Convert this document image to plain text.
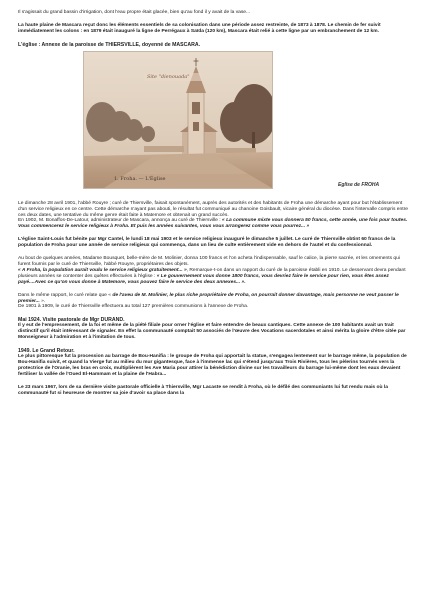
Il s'agissait du grand bassin d'irrigation, dont l'eau propre était glacée, bien qu'au fond il y avait de la vase...

La haute plaine de Mascara reçut donc les éléments essentiels de sa colonisation dans une période assez restreinte, de 1873 à 1878. Le chemin de fer suivit immédiatement les colons : en 1879 était inauguré la ligne de Perrégaux à Saïda (120 km), Mascara était relié à cette ligne par un embranchement de 12 km.

L'église : Annexe de la paroisse de THIERSVILLE, doyenné de MASCARA.

Site "dienouada"
1. Froha. — L'Église
Eglise de FROHA

Le dimanche 28 avril 1901, l'abbé Rouyre ; curé de Thiersville, faisait spontanément, auprès des autorités et des habitants de Froha une démarche ayant pour but l'établissement d'un service religieux en ce centre. Cette démarche n'ayant pas abouti, le résultat fut communiqué au chanoine Goisbault, vicaire général du diocèse. Dans l'intervalle compris entre ces deux dates, une tentative du même genre était faite à Matemore et obtenait un grand succès.

En 1902, M. Bonaffos-De-Latour, administrateur de Mascara, annonça au curé de Thiersville : « La commune mixte vous donnera 50 francs, cette année, une fois pour toutes. Vous commencerez le service religieux à Froha. Et puis les années suivantes, vous vous arrangerez comme vous pourrez... »

L'église Saint-Louis fut bénite par Mgr Cantel, le lundi 18 mai 1903 et le service religieux inauguré le dimanche 5 juillet. Le curé de Thiersville obtint 60 francs de la population de Froha pour une année de service religieux qui commença, dans un lieu de culte entièrement vide en dehors de l'autel et du confessionnal.

Au bout de quelques années, Madame Bousquet, belle-mère de M. Molinier, donna 100 francs et l'on acheta l'indispensable, sauf le calice, la pierre sacrée, et les ornements qui furent fournis par le curé de Thiersville, l'abbé Rouyre, propriétaires des objets.

« A Froha, la population aurait voulu le service religieux gratuitement... », Remarque-t-on dans un rapport du curé de la paroisse établi en 1910. Le desservant devra pendant plusieurs années se contenter des quêtes effectuées à l'église : « Le gouvernement vous donne 1800 francs, vous devriez faire le service pour rien, vous êtes assez payé....Avec ce qu'on vous donne à Matemore, vous pouvez faire le service des deux annexes... ».

Dans le même rapport, le curé relate que « de l'aveu de M. Molinier, le plus riche propriétaire de Froha, on pourrait donner davantage, mais personne ne veut passer le premier... ».

De 1901 à 1909, le curé de Thiersville effectuera au total 127 premières communions à l'annexe de Froha.

Mai 1924. Visite pastorale de Mgr DURAND.

Il y eut de l'empressement, de la foi et même de la piété filiale pour orner l'église et faire entendre de beaux cantiques. Cette annexe de 100 habitants avait un trait distinctif qu'il était intéressant de signaler. En effet la communauté comptait 50 associés de l'œuvre des Vocations sacerdotales et ainsi mérita la gloire d'être citée par Monseigneur à l'admiration et à l'imitation de tous.

1949. Le Grand Retour.

Le plus pittoresque fut la procession au barrage de Bou-Hanifia : le groupe de Froha qui apportait la statue, s'engagea lentement sur le barrage même, la population de Bou-Hanifia suivit, et quand la Vierge fut au milieu du mur gigantesque, face à l'immense lac qui s'étend jusqu'aux Trois Rivières, tous les pèlerins tournés vers la protectrice de l'Oranie, les bras en croix, multiplièrent les Ave Maria pour attirer la bénédiction divine sur les travailleurs du barrage lui-même dont les eaux devaient fertiliser la vallée de l'Oued El-Hammam et la plaine de l'Habra...

Le 23 mars 1967, lors de sa dernière visite pastorale officielle à Thiersville, Mgr Lacaste se rendit à Froha, où le défilé des communiants lui fut rendu mais où la communauté fut si heureuse de montrer sa joie d'avoir sa place dans la
